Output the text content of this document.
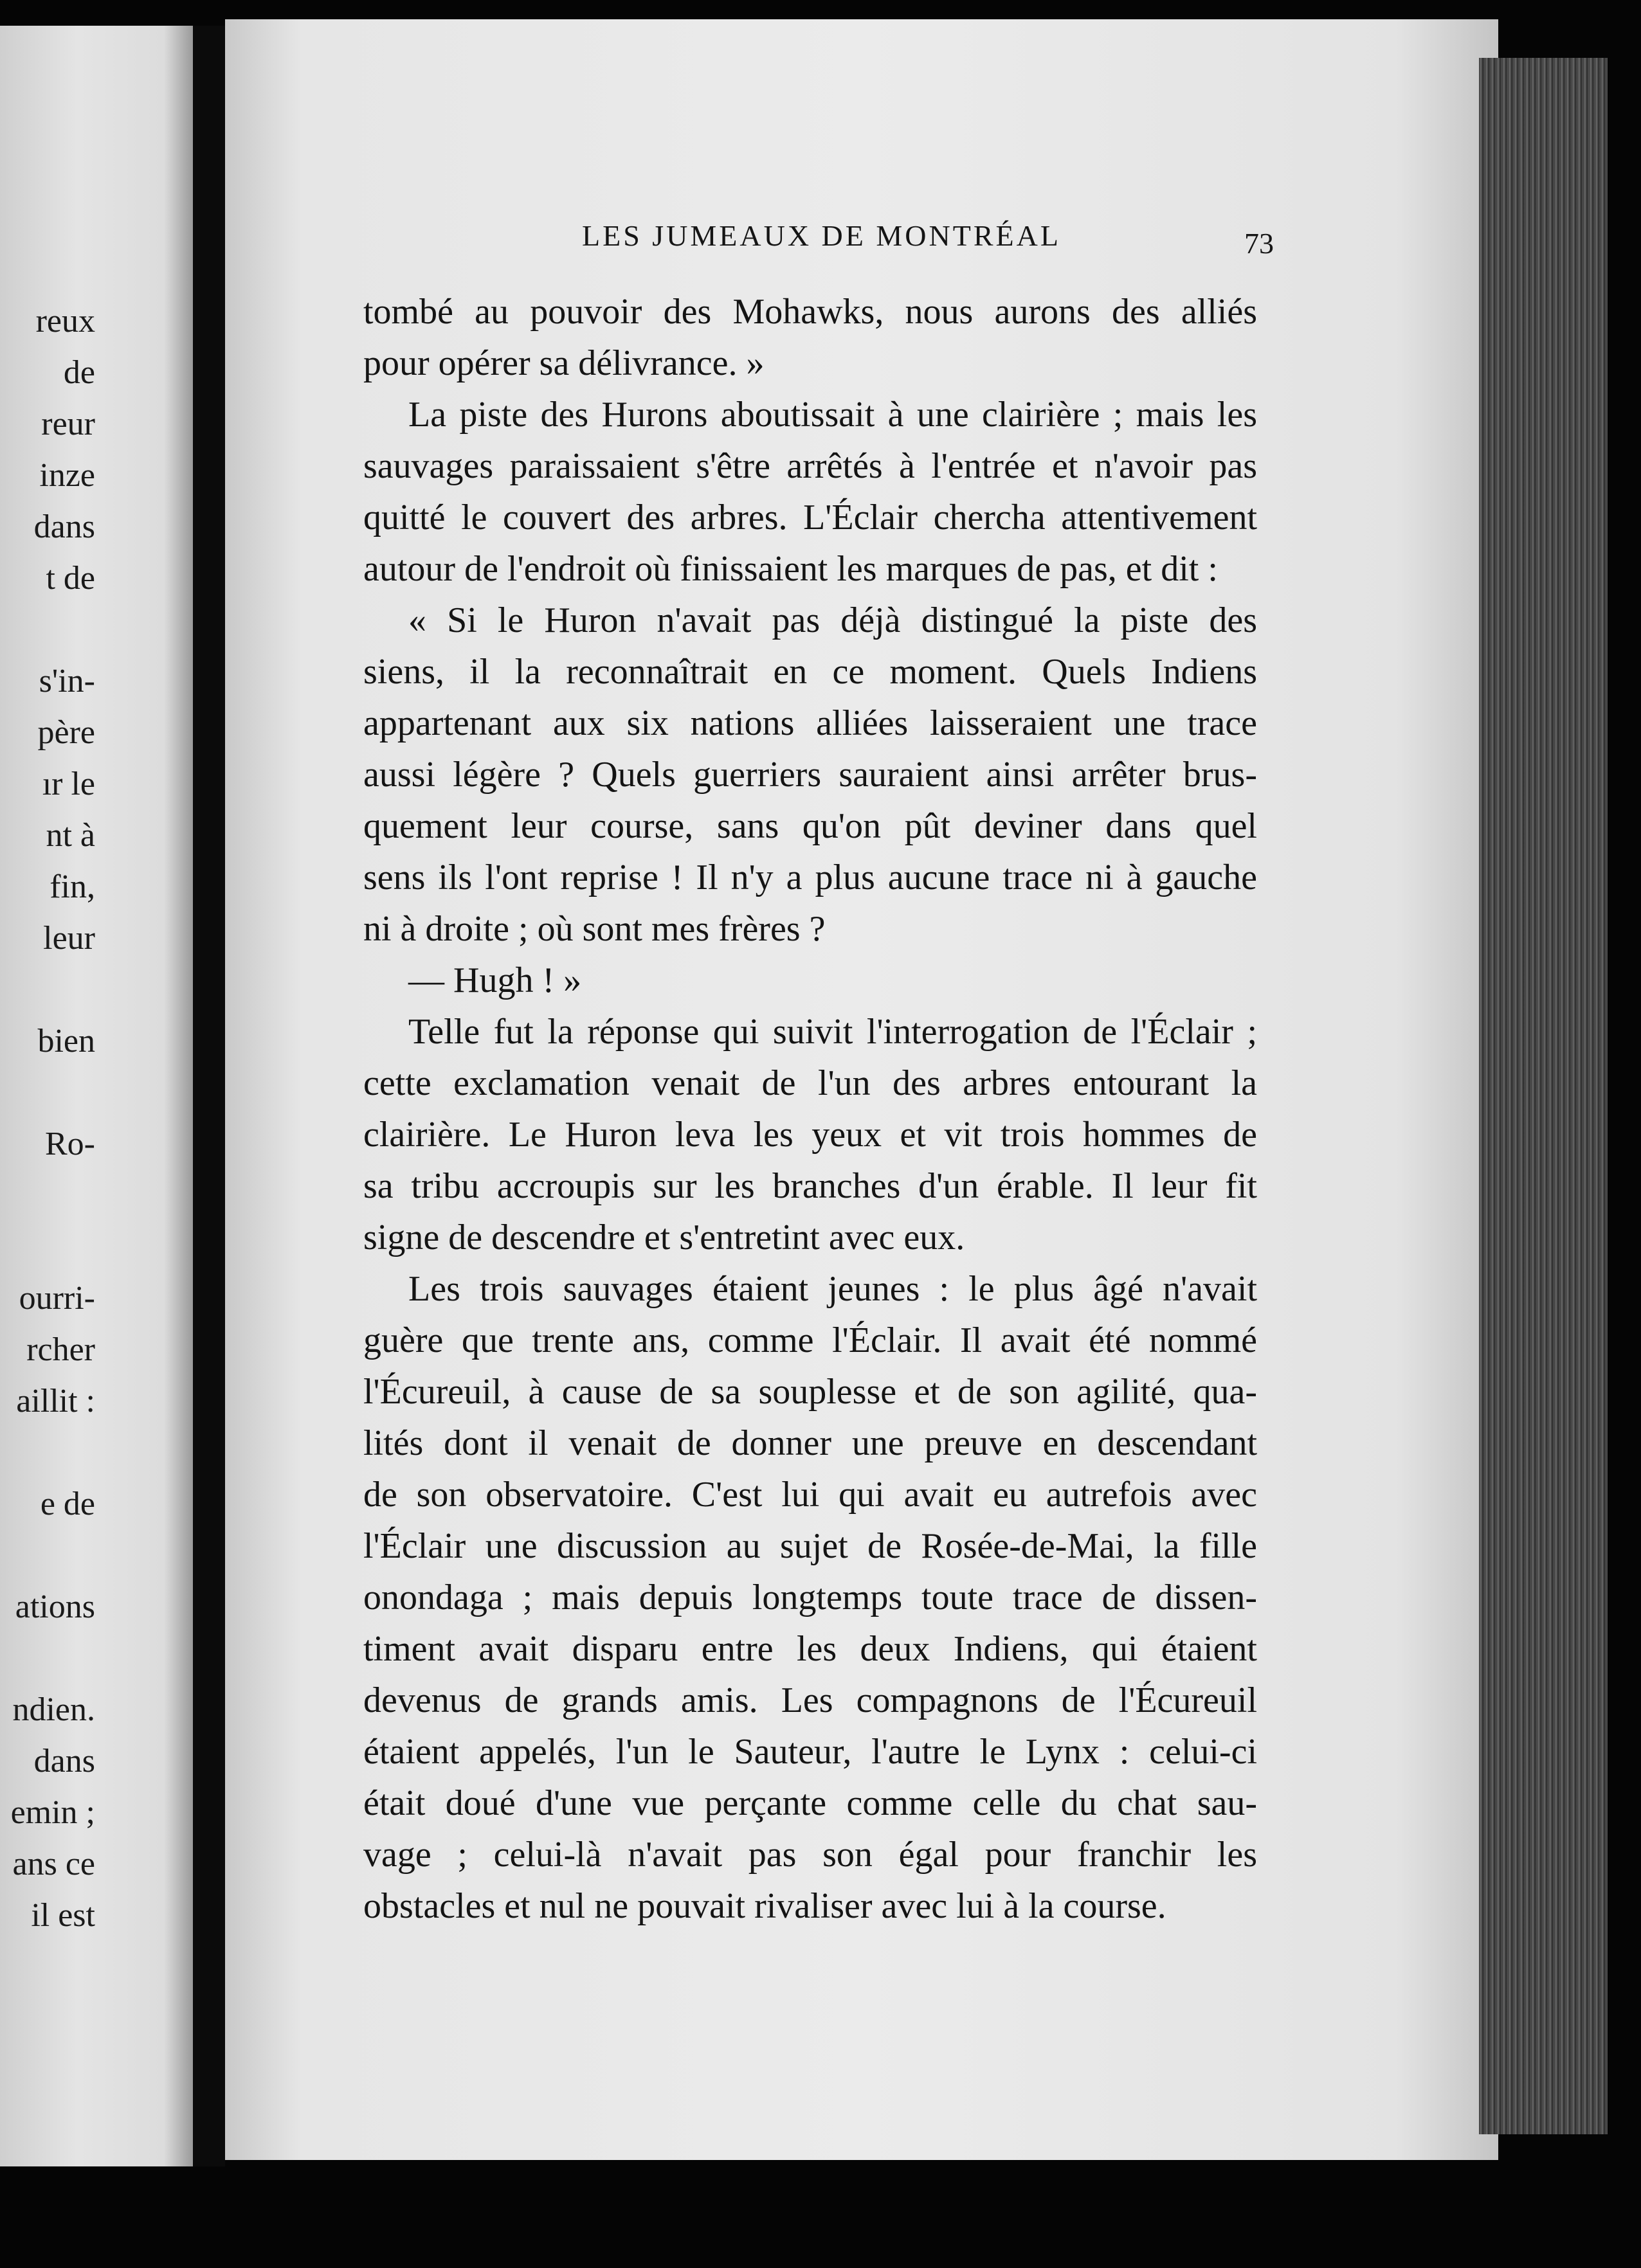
reux
de
reur
inze
dans
t de
s'in-
père
ır le
nt à
fin,
leur
bien
Ro-
ourri-
rcher
aillit :
e de
ations
ndien.
dans
emin ;
ans ce
il est
LES JUMEAUX DE MONTRÉAL	73
tombé au pouvoir des Mohawks, nous aurons des alliés
pour opérer sa délivrance. »
La piste des Hurons aboutissait à une clairière ; mais les
sauvages paraissaient s'être arrêtés à l'entrée et n'avoir pas
quitté le couvert des arbres. L'Éclair chercha attentivement
autour de l'endroit où finissaient les marques de pas, et dit :
« Si le Huron n'avait pas déjà distingué la piste des
siens, il la reconnaîtrait en ce moment. Quels Indiens
appartenant aux six nations alliées laisseraient une trace
aussi légère ? Quels guerriers sauraient ainsi arrêter brus-
quement leur course, sans qu'on pût deviner dans quel
sens ils l'ont reprise ! Il n'y a plus aucune trace ni à gauche
ni à droite ; où sont mes frères ?
— Hugh ! »
Telle fut la réponse qui suivit l'interrogation de l'Éclair ;
cette exclamation venait de l'un des arbres entourant la
clairière. Le Huron leva les yeux et vit trois hommes de
sa tribu accroupis sur les branches d'un érable. Il leur fit
signe de descendre et s'entretint avec eux.
Les trois sauvages étaient jeunes : le plus âgé n'avait
guère que trente ans, comme l'Éclair. Il avait été nommé
l'Écureuil, à cause de sa souplesse et de son agilité, qua-
lités dont il venait de donner une preuve en descendant
de son observatoire. C'est lui qui avait eu autrefois avec
l'Éclair une discussion au sujet de Rosée-de-Mai, la fille
onondaga ; mais depuis longtemps toute trace de dissen-
timent avait disparu entre les deux Indiens, qui étaient
devenus de grands amis. Les compagnons de l'Écureuil
étaient appelés, l'un le Sauteur, l'autre le Lynx : celui-ci
était doué d'une vue perçante comme celle du chat sau-
vage ; celui-là n'avait pas son égal pour franchir les
obstacles et nul ne pouvait rivaliser avec lui à la course.
